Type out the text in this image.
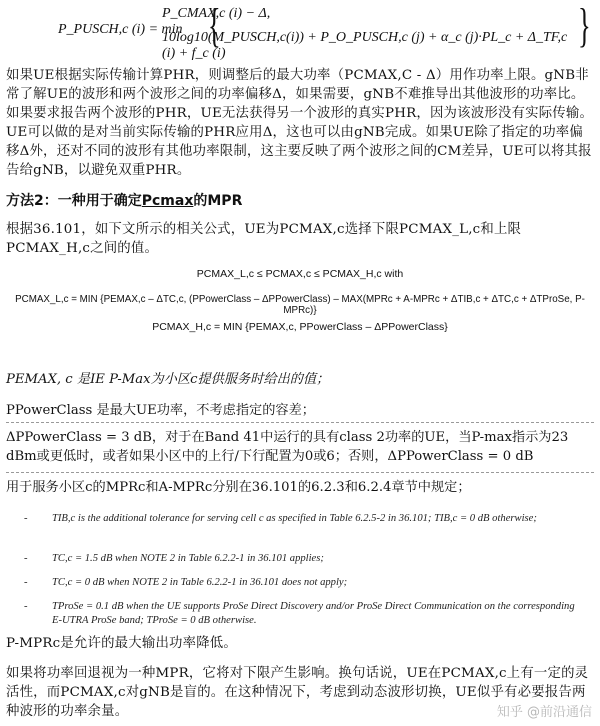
P_PUSCH,c (i) = min {
P_CMAX,c (i) − Δ,
10log10(M_PUSCH,c(i)) + P_O_PUSCH,c (j) + α_c (j)·PL_c + Δ_TF,c (i) + f_c (i)
}

如果UE根据实际传输计算PHR，则调整后的最大功率（PCMAX,C - Δ）用作功率上限。gNB非常了解UE的波形和两个波形之间的功率偏移Δ，如果需要，gNB不难推导出其他波形的功率比。如果要求报告两个波形的PHR，UE无法获得另一个波形的真实PHR，因为该波形没有实际传输。UE可以做的是对当前实际传输的PHR应用Δ，这也可以由gNB完成。如果UE除了指定的功率偏移Δ外，还对不同的波形有其他功率限制，这主要反映了两个波形之间的CM差异，UE可以将其报告给gNB，以避免双重PHR。

方法2：一种用于确定Pcmax的MPR

根据36.101，如下文所示的相关公式，UE为PCMAX,c选择下限PCMAX_L,c和上限PCMAX_H,c之间的值。

PCMAX_L,c ≤ PCMAX,c ≤ PCMAX_H,c with
PCMAX_L,c = MIN {PEMAX,c – ΔTC,c, (PPowerClass – ΔPPowerClass) – MAX(MPRc + A-MPRc + ΔTIB,c + ΔTC,c + ΔTProSe, P-MPRc)}
PCMAX_H,c = MIN {PEMAX,c, PPowerClass – ΔPPowerClass}
PEMAX, c 是IE P-Max为小区c提供服务时给出的值；
PPowerClass 是最大UE功率，不考虑指定的容差；
ΔPPowerClass = 3 dB，对于在Band 41中运行的具有class 2功率的UE，当P-max指示为23
dBm或更低时，或者如果小区中的上行/下行配置为0或6；否则，ΔPPowerClass = 0 dB
用于服务小区c的MPRc和A-MPRc分别在36.101的6.2.3和6.2.4章节中规定；
- TIB,c is the additional tolerance for serving cell c as specified in Table 6.2.5-2 in 36.101; TIB,c = 0 dB otherwise;
- TC,c = 1.5 dB when NOTE 2 in Table 6.2.2-1 in 36.101 applies;
- TC,c = 0 dB when NOTE 2 in Table 6.2.2-1 in 36.101 does not apply;
- TProSe = 0.1 dB when the UE supports ProSe Direct Discovery and/or ProSe Direct Communication on the corresponding E-UTRA ProSe band; TProSe = 0 dB otherwise.

P-MPRc是允许的最大输出功率降低。

如果将功率回退视为一种MPR，它将对下限产生影响。换句话说，UE在PCMAX,c上有一定的灵活性，而PCMAX,c对gNB是盲的。在这种情况下，考虑到动态波形切换，UE似乎有必要报告两种波形的功率余量。	知乎 @前沿通信
